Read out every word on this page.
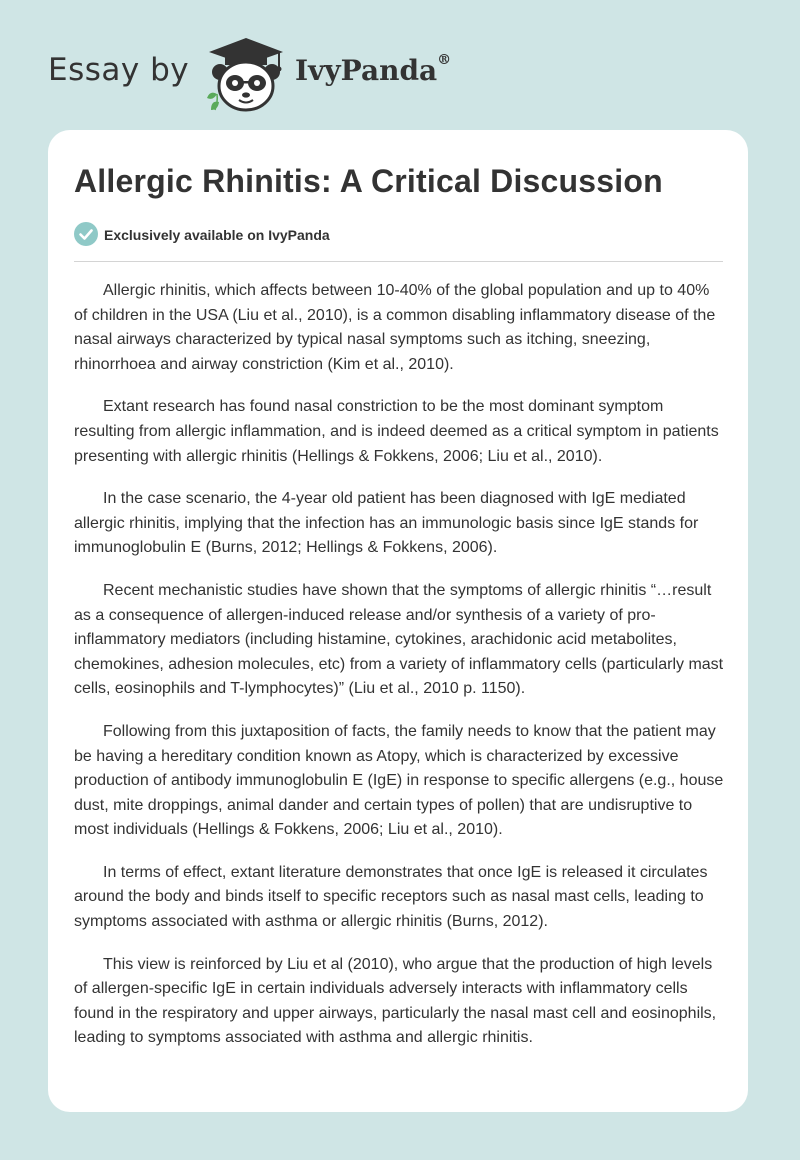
Essay by	IvyPanda®
Allergic Rhinitis: A Critical Discussion
Exclusively available on IvyPanda

Allergic rhinitis, which affects between 10-40% of the global population and up to 40% of children in the USA (Liu et al., 2010), is a common disabling inflammatory disease of the nasal airways characterized by typical nasal symptoms such as itching, sneezing, rhinorrhoea and airway constriction (Kim et al., 2010).

Extant research has found nasal constriction to be the most dominant symptom resulting from allergic inflammation, and is indeed deemed as a critical symptom in patients presenting with allergic rhinitis (Hellings & Fokkens, 2006; Liu et al., 2010).

In the case scenario, the 4-year old patient has been diagnosed with IgE mediated allergic rhinitis, implying that the infection has an immunologic basis since IgE stands for immunoglobulin E (Burns, 2012; Hellings & Fokkens, 2006).

Recent mechanistic studies have shown that the symptoms of allergic rhinitis “…result as a consequence of allergen-induced release and/or synthesis of a variety of pro-inflammatory mediators (including histamine, cytokines, arachidonic acid metabolites, chemokines, adhesion molecules, etc) from a variety of inflammatory cells (particularly mast cells, eosinophils and T-lymphocytes)” (Liu et al., 2010 p. 1150).

Following from this juxtaposition of facts, the family needs to know that the patient may be having a hereditary condition known as Atopy, which is characterized by excessive production of antibody immunoglobulin E (IgE) in response to specific allergens (e.g., house dust, mite droppings, animal dander and certain types of pollen) that are undisruptive to most individuals (Hellings & Fokkens, 2006; Liu et al., 2010).

In terms of effect, extant literature demonstrates that once IgE is released it circulates around the body and binds itself to specific receptors such as nasal mast cells, leading to symptoms associated with asthma or allergic rhinitis (Burns, 2012).

This view is reinforced by Liu et al (2010), who argue that the production of high levels of allergen-specific IgE in certain individuals adversely interacts with inflammatory cells found in the respiratory and upper airways, particularly the nasal mast cell and eosinophils, leading to symptoms associated with asthma and allergic rhinitis.
